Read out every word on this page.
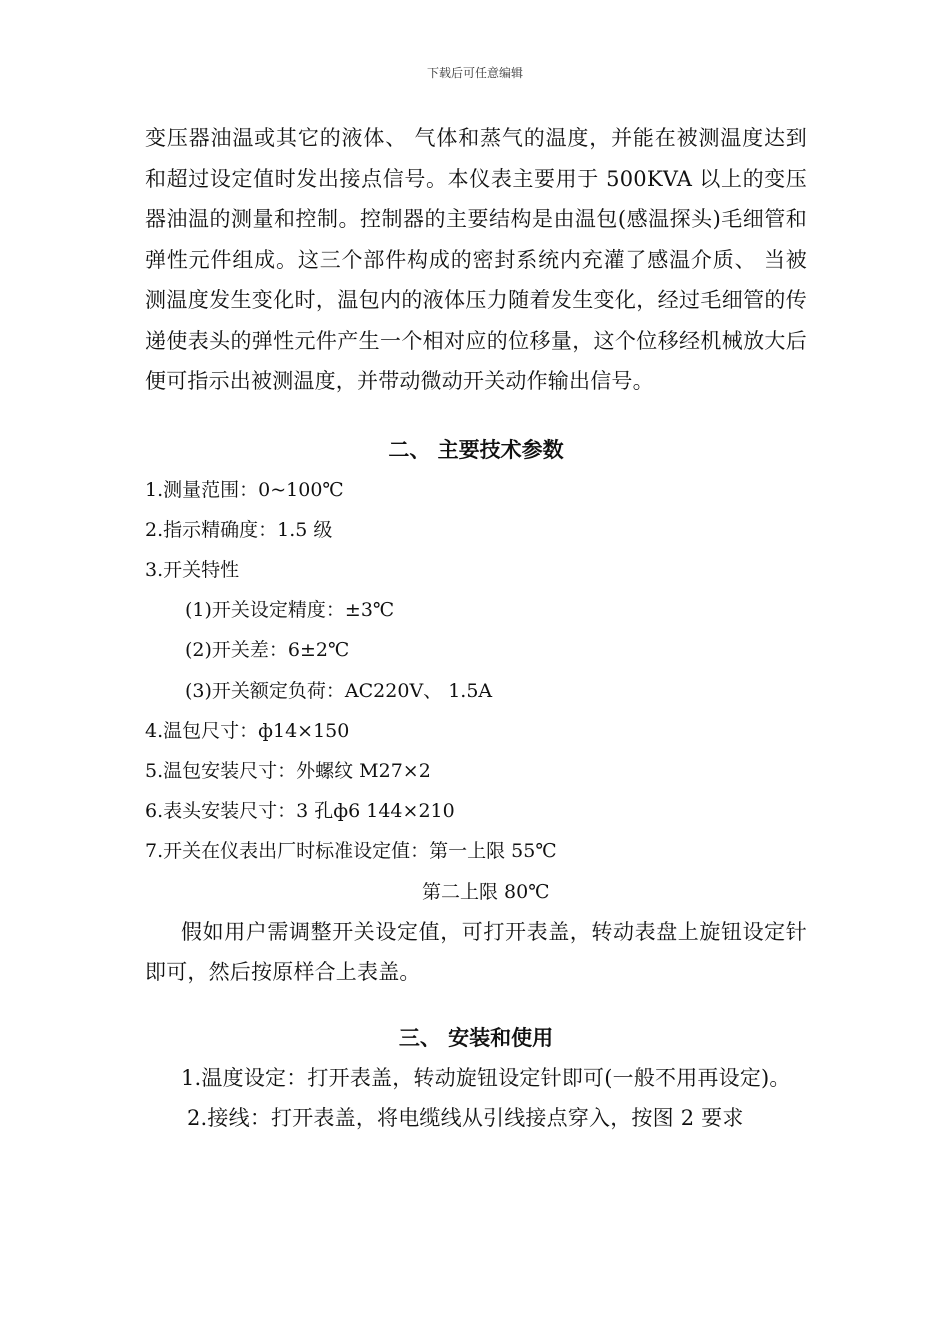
下载后可任意编辑

变压器油温或其它的液体、 气体和蒸气的温度，并能在被测温度达到和超过设定值时发出接点信号。本仪表主要用于 500KVA 以上的变压器油温的测量和控制。控制器的主要结构是由温包(感温探头)毛细管和弹性元件组成。这三个部件构成的密封系统内充灌了感温介质、 当被测温度发生变化时，温包内的液体压力随着发生变化，经过毛细管的传递使表头的弹性元件产生一个相对应的位移量，这个位移经机械放大后便可指示出被测温度，并带动微动开关动作输出信号。

二、 主要技术参数

1.测量范围：0~100℃

2.指示精确度：1.5 级

3.开关特性

(1)开关设定精度：±3℃

(2)开关差：6±2℃

(3)开关额定负荷：AC220V、 1.5A

4.温包尺寸：ф14×150

5.温包安装尺寸：外螺纹 M27×2

6.表头安装尺寸：3 孔ф6 144×210

7.开关在仪表出厂时标准设定值：第一上限 55℃

第二上限 80℃

假如用户需调整开关设定值，可打开表盖，转动表盘上旋钮设定针即可，然后按原样合上表盖。

三、 安装和使用

1.温度设定：打开表盖，转动旋钮设定针即可(一般不用再设定)。

2.接线：打开表盖，将电缆线从引线接点穿入，按图 2 要求
